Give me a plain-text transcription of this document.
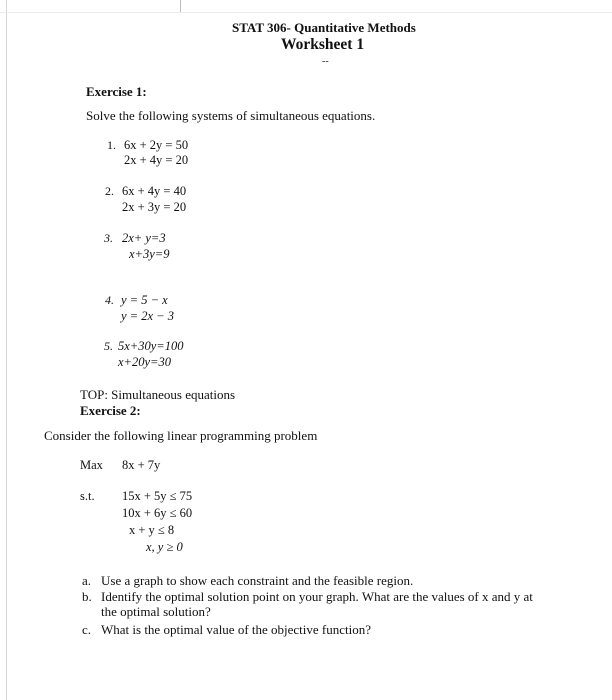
STAT 306- Quantitative Methods
Worksheet 1
--
Exercise 1:
Solve the following systems of simultaneous equations.
1. 6x + 2y = 50
2x + 4y = 20
2. 6x + 4y = 40
2x + 3y = 20
3. 2x+ y=3
x+3y=9
4. y = 5 − x
y = 2x − 3
5. 5x+30y=100
x+20y=30
TOP: Simultaneous equations
Exercise 2:
Consider the following linear programming problem
Max 8x + 7y
s.t. 15x + 5y ≤ 75
10x + 6y ≤ 60
x + y ≤ 8
x, y ≥ 0
a. Use a graph to show each constraint and the feasible region.
b. Identify the optimal solution point on your graph. What are the values of x and y at
the optimal solution?
c. What is the optimal value of the objective function?
